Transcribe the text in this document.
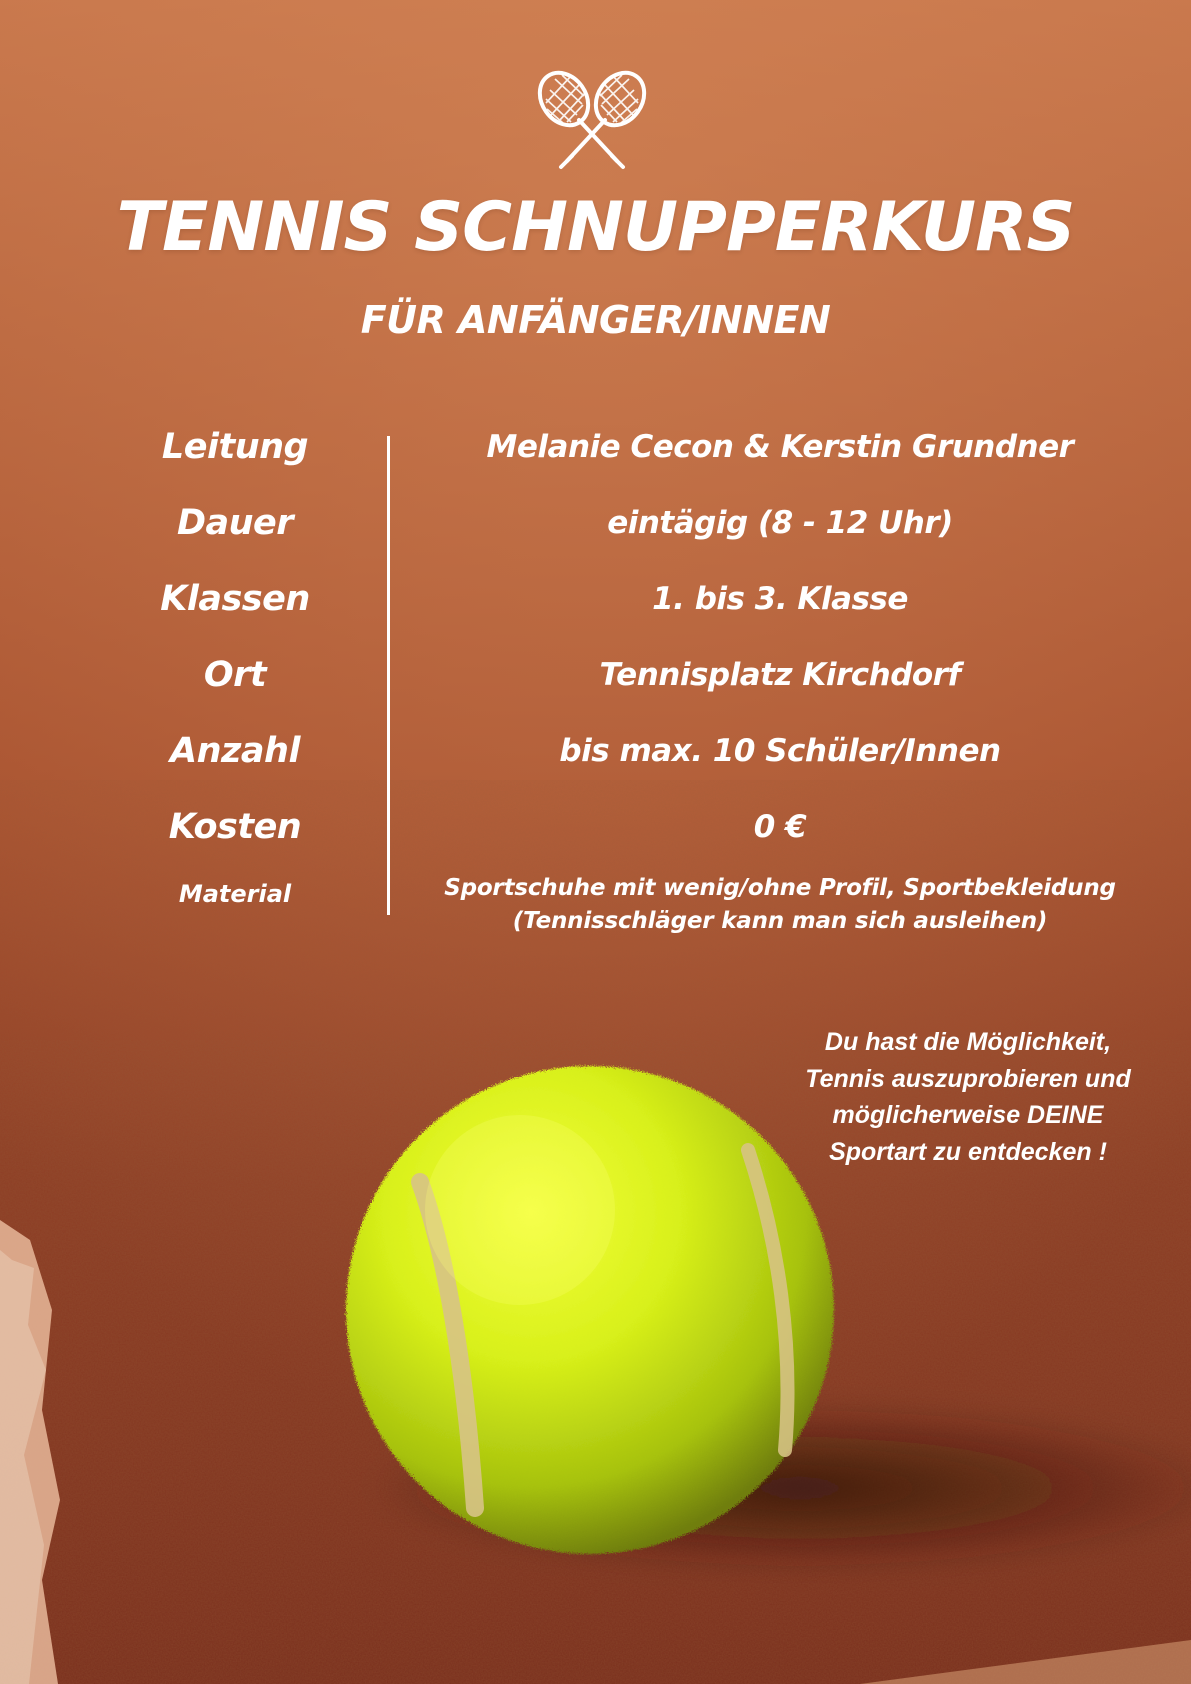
TENNIS SCHNUPPERKURS
FÜR ANFÄNGER/INNEN
Leitung	Melanie Cecon & Kerstin Grundner
Dauer	eintägig (8 - 12 Uhr)
Klassen	1. bis 3. Klasse
Ort	Tennisplatz Kirchdorf
Anzahl	bis max. 10 Schüler/Innen
Kosten	0 €
Material	Sportschuhe mit wenig/ohne Profil, Sportbekleidung
(Tennisschläger kann man sich ausleihen)
Du hast die Möglichkeit,
Tennis auszuprobieren und
möglicherweise DEINE
Sportart zu entdecken !
